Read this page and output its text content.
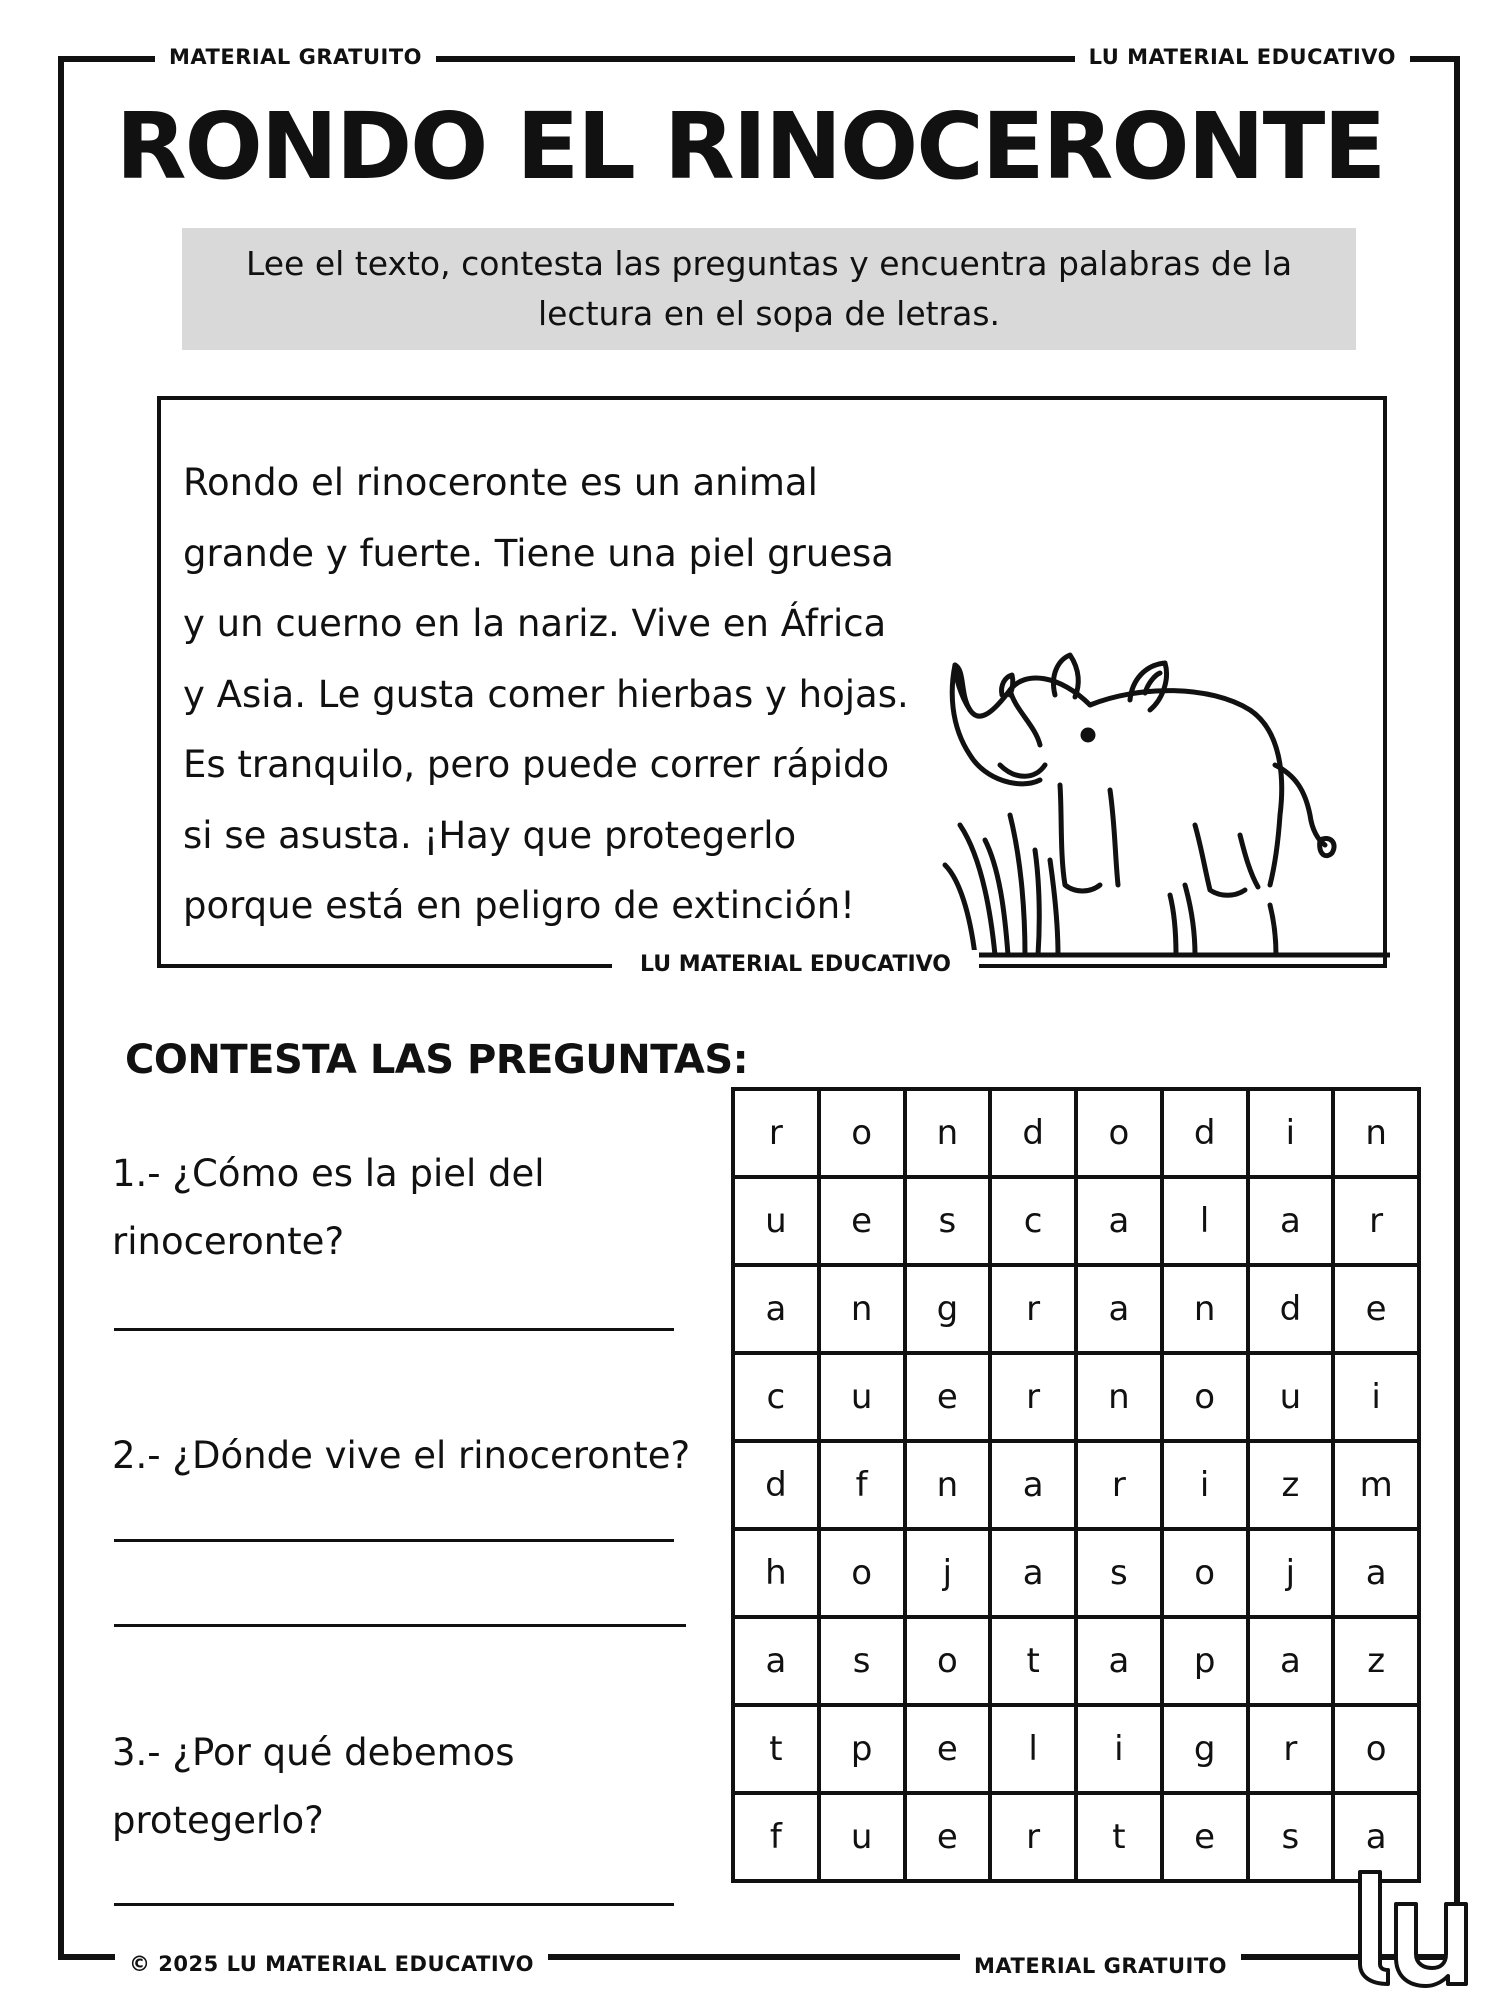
MATERIAL GRATUITO	LU MATERIAL EDUCATIVO
© 2025 LU MATERIAL EDUCATIVO	MATERIAL GRATUITO
RONDO EL RINOCERONTE
Lee el texto, contesta las preguntas y encuentra palabras de la lectura en el sopa de letras.
Rondo el rinoceronte es un animal
grande y fuerte. Tiene una piel gruesa
y un cuerno en la nariz. Vive en África
y Asia. Le gusta comer hierbas y hojas.
Es tranquilo, pero puede correr rápido
si se asusta. ¡Hay que protegerlo
porque está en peligro de extinción!
LU MATERIAL EDUCATIVO
CONTESTA LAS PREGUNTAS:
1.- ¿Cómo es la piel del
rinoceronte?
2.- ¿Dónde vive el rinoceronte?
3.- ¿Por qué debemos
protegerlo?
r	o	n	d	o	d	i	n
u	e	s	c	a	l	a	r
a	n	g	r	a	n	d	e
c	u	e	r	n	o	u	i
d	f	n	a	r	i	z	m
h	o	j	a	s	o	j	a
a	s	o	t	a	p	a	z
t	p	e	l	i	g	r	o
f	u	e	r	t	e	s	a
